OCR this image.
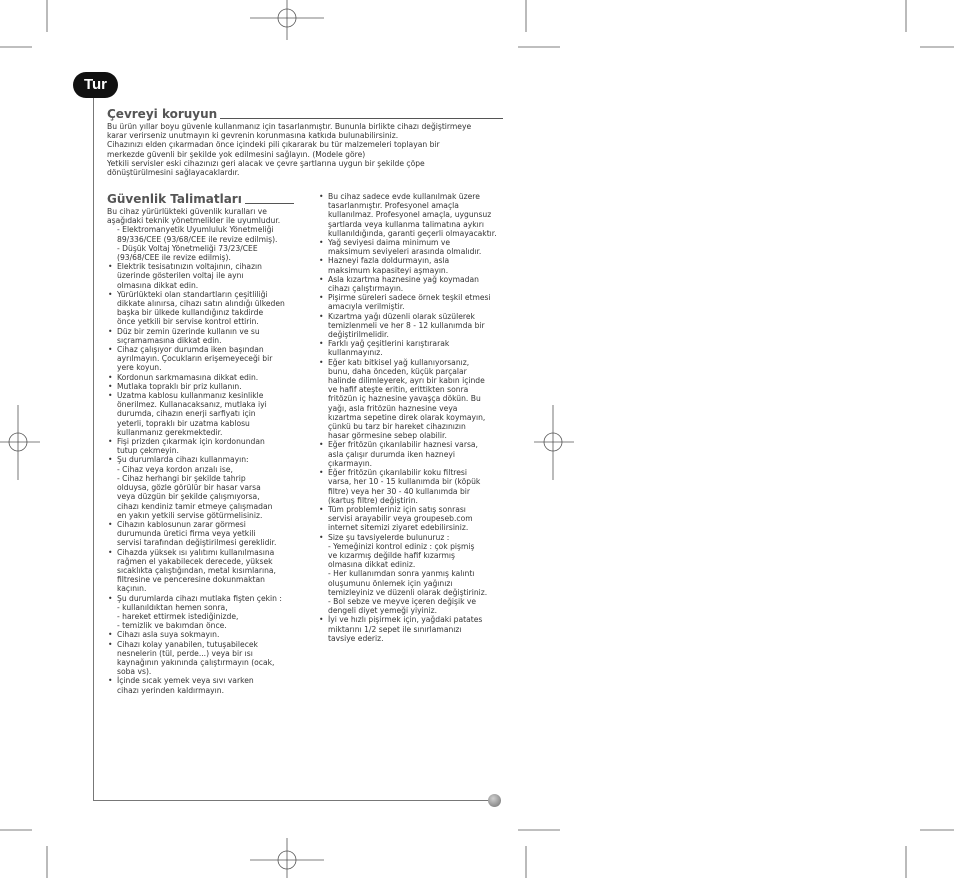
Tur
Çevreyi koruyun
Bu ürün yıllar boyu güvenle kullanmanız için tasarlanmıştır. Bununla birlikte cihazı değiştirmeye
karar verirseniz unutmayın ki gevrenin korunmasına katkıda bulunabilirsiniz.
Cihazınızı elden çıkarmadan önce içindeki pili çıkararak bu tür malzemeleri toplayan bir
merkezde güvenli bir şekilde yok edilmesini sağlayın. (Modele göre)
Yetkili servisler eski cihazınızı geri alacak ve çevre şartlarına uygun bir şekilde çöpe
dönüştürülmesini sağlayacaklardır.
Güvenlik Talimatları
Bu cihaz yürürlükteki güvenlik kuralları ve
aşağıdaki teknik yönetmelikler ile uyumludur.
- Elektromanyetik Uyumluluk Yönetmeliği
89/336/CEE (93/68/CEE ile revize edilmiş).
- Düşük Voltaj Yönetmeliği 73/23/CEE
(93/68/CEE ile revize edilmiş).
• Elektrik tesisatınızın voltajının, cihazın
üzerinde gösterilen voltaj ile aynı
olmasına dikkat edin.
• Yürürlükteki olan standartların çeşitliliği
dikkate alınırsa, cihazı satın alındığı ülkeden
başka bir ülkede kullandığınız takdirde
önce yetkili bir servise kontrol ettirin.
• Düz bir zemin üzerinde kullanın ve su
sıçramamasına dikkat edin.
• Cihaz çalışıyor durumda iken başından
ayrılmayın. Çocukların erişemeyeceği bir
yere koyun.
• Kordonun sarkmamasına dikkat edin.
• Mutlaka topraklı bir priz kullanın.
• Uzatma kablosu kullanmanız kesinlikle
önerilmez. Kullanacaksanız, mutlaka iyi
durumda, cihazın enerji sarfiyatı için
yeterli, topraklı bir uzatma kablosu
kullanmanız gerekmektedir.
• Fişi prizden çıkarmak için kordonundan
tutup çekmeyin.
• Şu durumlarda cihazı kullanmayın:
- Cihaz veya kordon arızalı ise,
- Cihaz herhangi bir şekilde tahrip
olduysa, gözle görülür bir hasar varsa
veya düzgün bir şekilde çalışmıyorsa,
cihazı kendiniz tamir etmeye çalışmadan
en yakın yetkili servise götürmelisiniz.
• Cihazın kablosunun zarar görmesi
durumunda üretici firma veya yetkili
servisi tarafından değiştirilmesi gereklidir.
• Cihazda yüksek ısı yalıtımı kullanılmasına
rağmen el yakabilecek derecede, yüksek
sıcaklıkta çalıştığından, metal kısımlarına,
filtresine ve penceresine dokunmaktan
kaçının.
• Şu durumlarda cihazı mutlaka fişten çekin :
- kullanıldıktan hemen sonra,
- hareket ettirmek istediğinizde,
- temizlik ve bakımdan önce.
• Cihazı asla suya sokmayın.
• Cihazı kolay yanabilen, tutuşabilecek
nesnelerin (tül, perde...) veya bir ısı
kaynağının yakınında çalıştırmayın (ocak,
soba vs).
• İçinde sıcak yemek veya sıvı varken
cihazı yerinden kaldırmayın.
• Bu cihaz sadece evde kullanılmak üzere
tasarlanmıştır. Profesyonel amaçla
kullanılmaz. Profesyonel amaçla, uygunsuz
şartlarda veya kullanma talimatına aykırı
kullanıldığında, garanti geçerli olmayacaktır.
• Yağ seviyesi daima minimum ve
maksimum seviyeleri arasında olmalıdır.
• Hazneyi fazla doldurmayın, asla
maksimum kapasiteyi aşmayın.
• Asla kızartma haznesine yağ koymadan
cihazı çalıştırmayın.
• Pişirme süreleri sadece örnek teşkil etmesi
amacıyla verilmiştir.
• Kızartma yağı düzenli olarak süzülerek
temizlenmeli ve her 8 - 12 kullanımda bir
değiştirilmelidir.
• Farklı yağ çeşitlerini karıştırarak
kullanmayınız.
• Eğer katı bitkisel yağ kullanıyorsanız,
bunu, daha önceden, küçük parçalar
halinde dilimleyerek, ayrı bir kabın içinde
ve hafif ateşte eritin, erittikten sonra
fritözün iç haznesine yavaşça dökün. Bu
yağı, asla fritözün haznesine veya
kızartma sepetine direk olarak koymayın,
çünkü bu tarz bir hareket cihazınızın
hasar görmesine sebep olabilir.
• Eğer fritözün çıkarılabilir haznesi varsa,
asla çalışır durumda iken hazneyi
çıkarmayın.
• Eğer fritözün çıkarılabilir koku filtresi
varsa, her 10 - 15 kullanımda bir (köpük
filtre) veya her 30 - 40 kullanımda bir
(kartuş filtre) değiştirin.
• Tüm problemleriniz için satış sonrası
servisi arayabilir veya groupeseb.com
internet sitemizi ziyaret edebilirsiniz.
• Size şu tavsiyelerde bulunuruz :
- Yemeğinizi kontrol ediniz : çok pişmiş
ve kızarmış değilde hafif kızarmış
olmasına dikkat ediniz.
- Her kullanımdan sonra yanmış kalıntı
oluşumunu önlemek için yağınızı
temizleyiniz ve düzenli olarak değiştiriniz.
- Bol sebze ve meyve içeren değişik ve
dengeli diyet yemeği yiyiniz.
• İyi ve hızlı pişirmek için, yağdaki patates
miktarını 1/2 sepet ile sınırlamanızı
tavsiye ederiz.
